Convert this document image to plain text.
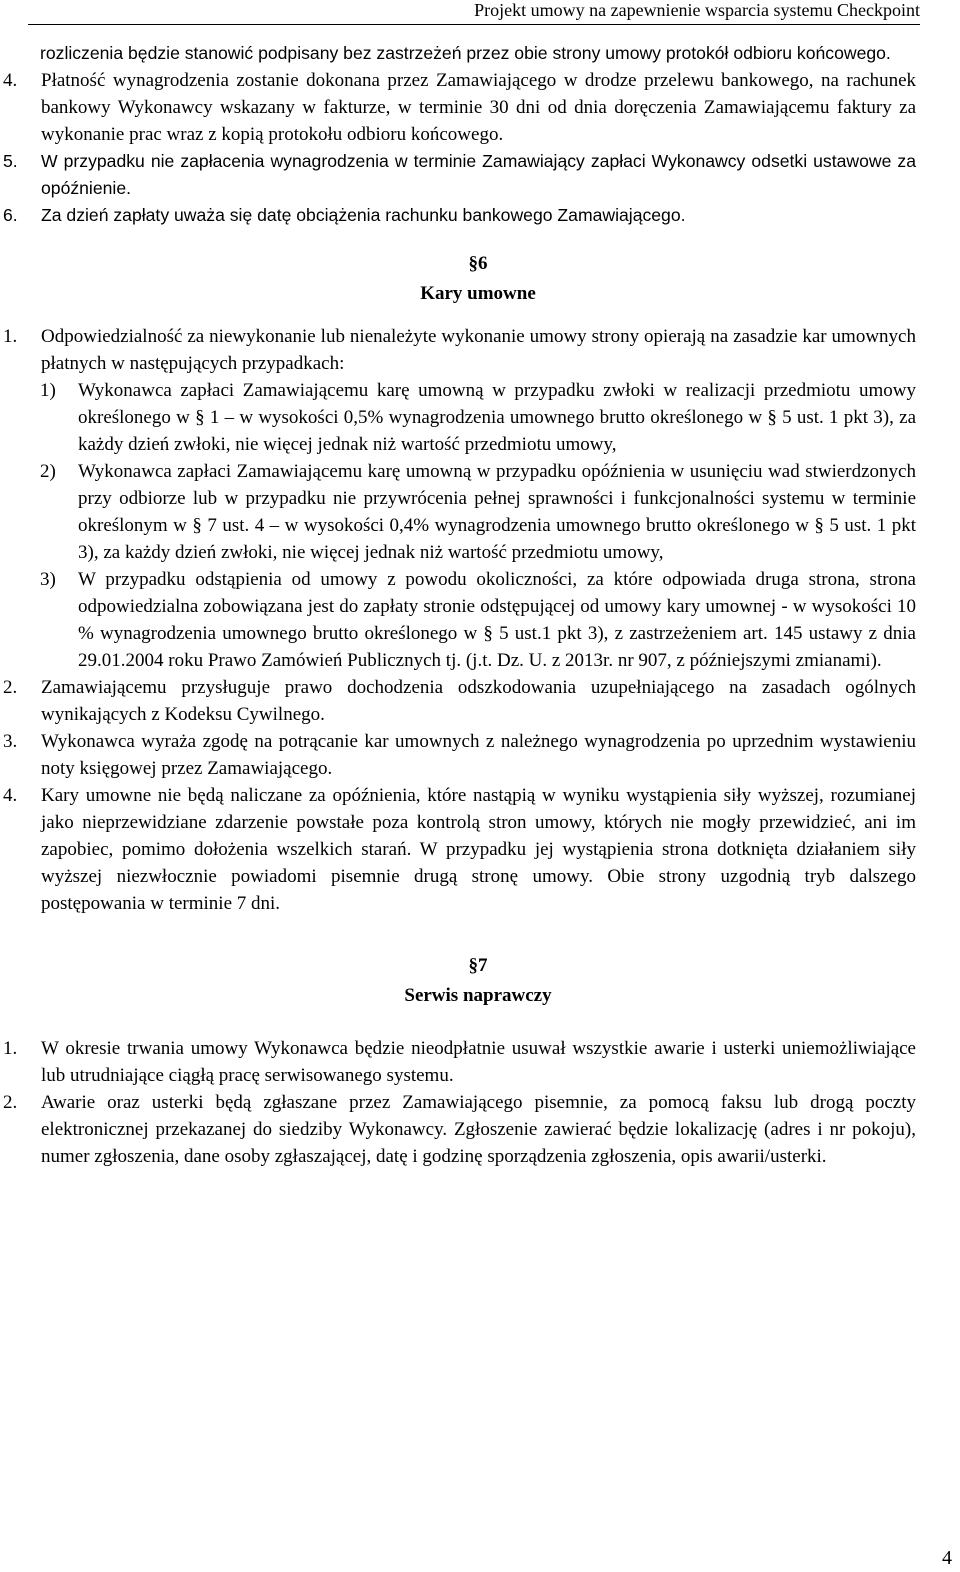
Projekt umowy na zapewnienie wsparcia systemu Checkpoint

rozliczenia będzie stanowić podpisany bez zastrzeżeń przez obie strony umowy protokół odbioru końcowego.

4.	Płatność wynagrodzenia zostanie dokonana przez Zamawiającego w drodze przelewu bankowego, na rachunek bankowy Wykonawcy wskazany w fakturze, w terminie 30 dni od dnia doręczenia Zamawiającemu faktury za wykonanie prac wraz z kopią protokołu odbioru końcowego.
5.	W przypadku nie zapłacenia wynagrodzenia w terminie Zamawiający zapłaci Wykonawcy odsetki ustawowe za opóźnienie.
6.	Za dzień zapłaty uważa się datę obciążenia rachunku bankowego Zamawiającego.
§6
Kary umowne
1.	Odpowiedzialność za niewykonanie lub nienależyte wykonanie umowy strony opierają na zasadzie kar umownych płatnych w następujących przypadkach:
1)	Wykonawca zapłaci Zamawiającemu karę umowną w przypadku zwłoki w realizacji przedmiotu umowy określonego w § 1 – w wysokości 0,5% wynagrodzenia umownego brutto określonego w § 5 ust. 1 pkt 3), za każdy dzień zwłoki, nie więcej jednak niż wartość przedmiotu umowy,
2)	Wykonawca zapłaci Zamawiającemu karę umowną w przypadku opóźnienia w usunięciu wad stwierdzonych przy odbiorze lub w przypadku nie przywrócenia pełnej sprawności i funkcjonalności systemu w terminie określonym w § 7 ust. 4 – w wysokości 0,4% wynagrodzenia umownego brutto określonego w § 5 ust. 1 pkt 3), za każdy dzień zwłoki, nie więcej jednak niż wartość przedmiotu umowy,
3)	W przypadku odstąpienia od umowy z powodu okoliczności, za które odpowiada druga strona, strona odpowiedzialna zobowiązana jest do zapłaty stronie odstępującej od umowy kary umownej - w wysokości 10 % wynagrodzenia umownego brutto określonego w § 5 ust.1 pkt 3), z zastrzeżeniem art. 145 ustawy z dnia 29.01.2004 roku Prawo Zamówień Publicznych tj. (j.t. Dz. U. z 2013r. nr 907, z późniejszymi zmianami).
2.	Zamawiającemu przysługuje prawo dochodzenia odszkodowania uzupełniającego na zasadach ogólnych wynikających z Kodeksu Cywilnego.
3.	Wykonawca wyraża zgodę na potrącanie kar umownych z należnego wynagrodzenia po uprzednim wystawieniu noty księgowej przez Zamawiającego.
4.	Kary umowne nie będą naliczane za opóźnienia, które nastąpią w wyniku wystąpienia siły wyższej, rozumianej jako nieprzewidziane zdarzenie powstałe poza kontrolą stron umowy, których nie mogły przewidzieć, ani im zapobiec, pomimo dołożenia wszelkich starań. W przypadku jej wystąpienia strona dotknięta działaniem siły wyższej niezwłocznie powiadomi pisemnie drugą stronę umowy. Obie strony uzgodnią tryb dalszego postępowania w terminie 7 dni.
§7
Serwis naprawczy
1.	W okresie trwania umowy Wykonawca będzie nieodpłatnie usuwał wszystkie awarie i usterki uniemożliwiające lub utrudniające ciągłą pracę serwisowanego systemu.
2.	Awarie oraz usterki będą zgłaszane przez Zamawiającego pisemnie, za pomocą faksu lub drogą poczty elektronicznej przekazanej do siedziby Wykonawcy. Zgłoszenie zawierać będzie lokalizację (adres i nr pokoju), numer zgłoszenia, dane osoby zgłaszającej, datę i godzinę sporządzenia zgłoszenia, opis awarii/usterki.
4
